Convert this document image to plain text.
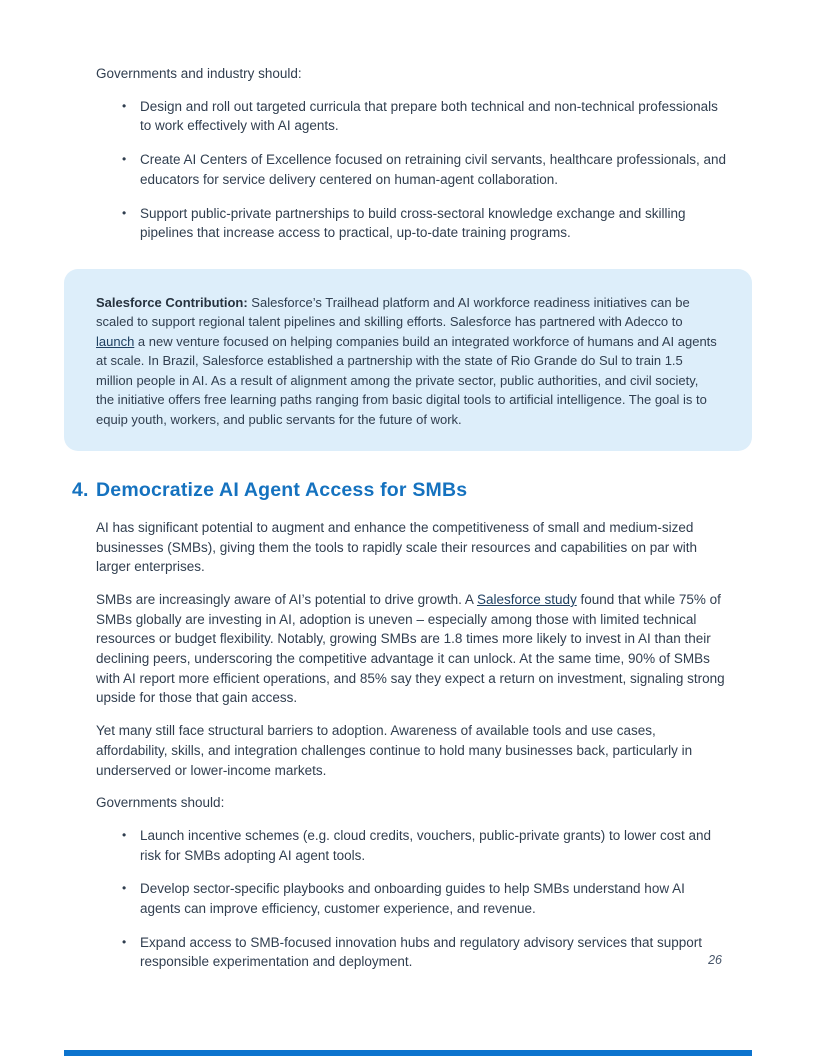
Governments and industry should:

•	Design and roll out targeted curricula that prepare both technical and non-technical professionals to work effectively with AI agents.
•	Create AI Centers of Excellence focused on retraining civil servants, healthcare professionals, and educators for service delivery centered on human-agent collaboration.
•	Support public-private partnerships to build cross-sectoral knowledge exchange and skilling pipelines that increase access to practical, up-to-date training programs.

Salesforce Contribution: Salesforce’s Trailhead platform and AI workforce readiness initiatives can be scaled to support regional talent pipelines and skilling efforts. Salesforce has partnered with Adecco to launch a new venture focused on helping companies build an integrated workforce of humans and AI agents at scale. In Brazil, Salesforce established a partnership with the state of Rio Grande do Sul to train 1.5 million people in AI. As a result of alignment among the private sector, public authorities, and civil society, the initiative offers free learning paths ranging from basic digital tools to artificial intelligence. The goal is to equip youth, workers, and public servants for the future of work.

4. Democratize AI Agent Access for SMBs

AI has significant potential to augment and enhance the competitiveness of small and medium-sized businesses (SMBs), giving them the tools to rapidly scale their resources and capabilities on par with larger enterprises.

SMBs are increasingly aware of AI’s potential to drive growth. A Salesforce study found that while 75% of SMBs globally are investing in AI, adoption is uneven – especially among those with limited technical resources or budget flexibility. Notably, growing SMBs are 1.8 times more likely to invest in AI than their declining peers, underscoring the competitive advantage it can unlock. At the same time, 90% of SMBs with AI report more efficient operations, and 85% say they expect a return on investment, signaling strong upside for those that gain access.

Yet many still face structural barriers to adoption. Awareness of available tools and use cases, affordability, skills, and integration challenges continue to hold many businesses back, particularly in underserved or lower-income markets.

Governments should:

•	Launch incentive schemes (e.g. cloud credits, vouchers, public-private grants) to lower cost and risk for SMBs adopting AI agent tools.
•	Develop sector-specific playbooks and onboarding guides to help SMBs understand how AI agents can improve efficiency, customer experience, and revenue.
•	Expand access to SMB-focused innovation hubs and regulatory advisory services that support responsible experimentation and deployment.	26
